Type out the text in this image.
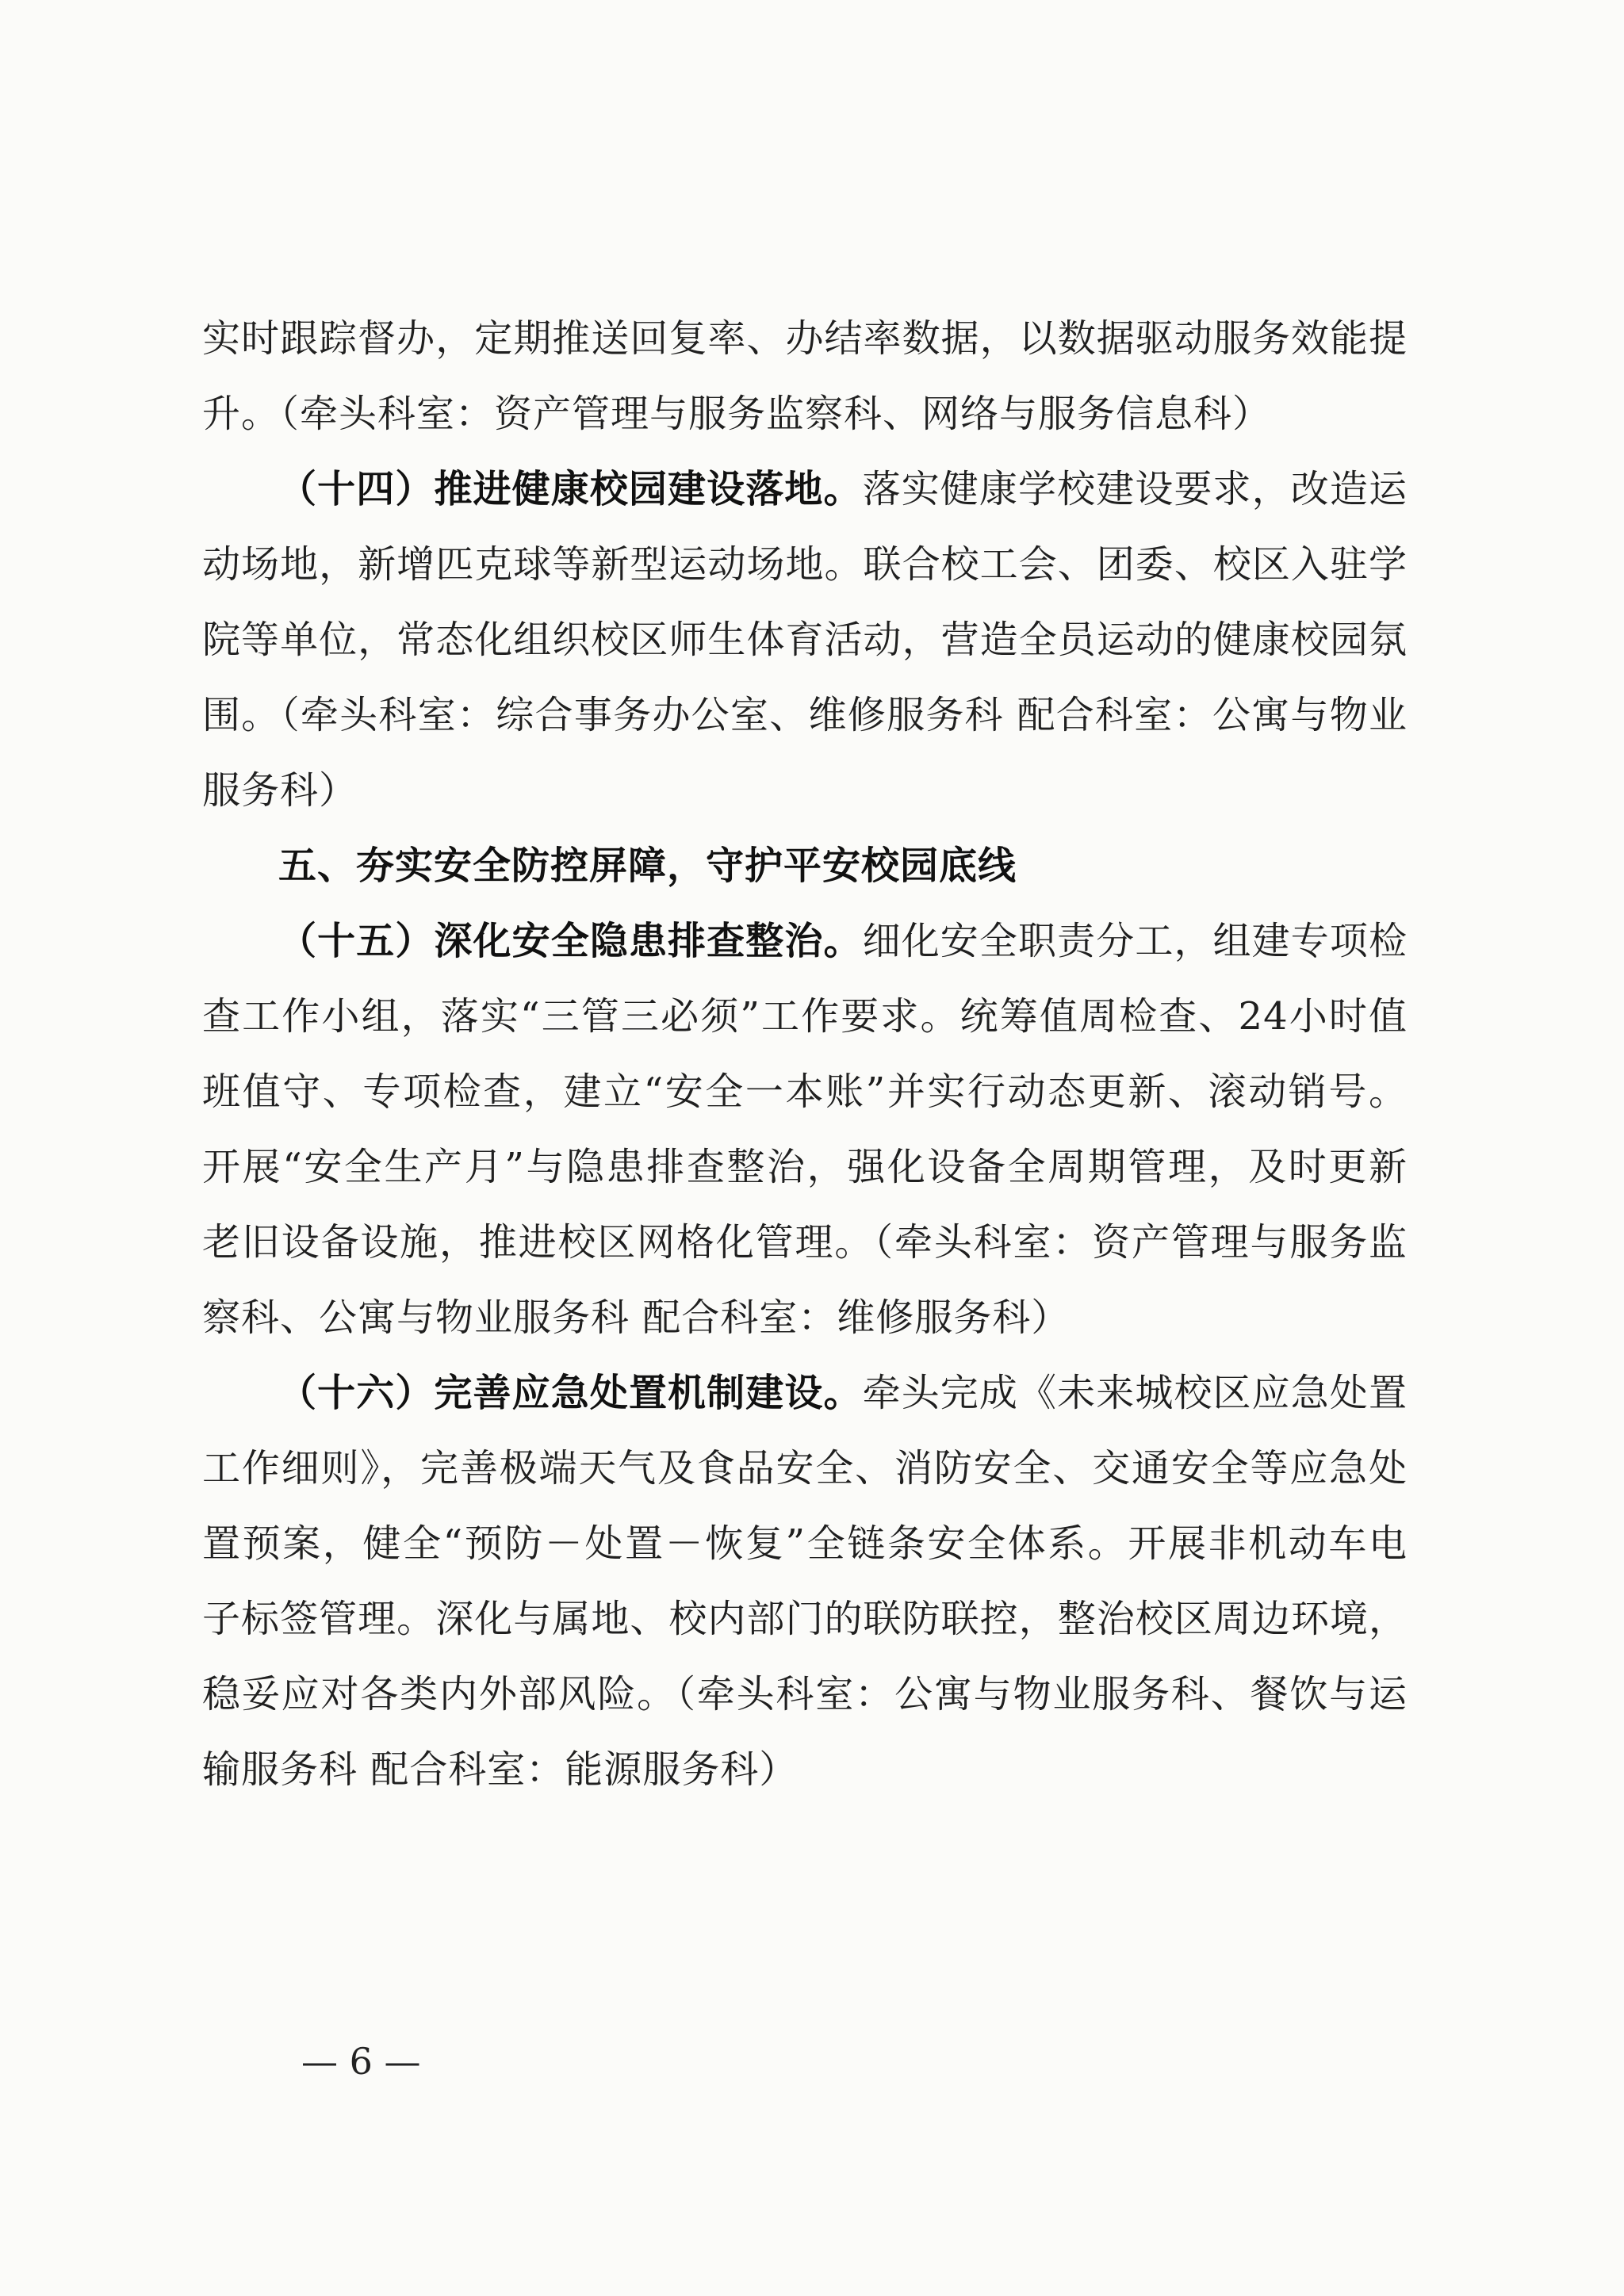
实时跟踪督办，定期推送回复率、办结率数据，以数据驱动服务效能提升。（牵头科室：资产管理与服务监察科、网络与服务信息科）

（十四）推进健康校园建设落地。落实健康学校建设要求，改造运动场地，新增匹克球等新型运动场地。联合校工会、团委、校区入驻学院等单位，常态化组织校区师生体育活动，营造全员运动的健康校园氛围。（牵头科室：综合事务办公室、维修服务科 配合科室：公寓与物业服务科）

五、夯实安全防控屏障，守护平安校园底线

（十五）深化安全隐患排查整治。细化安全职责分工，组建专项检查工作小组，落实“三管三必须”工作要求。统筹值周检查、24小时值班值守、专项检查，建立“安全一本账”并实行动态更新、滚动销号。开展“安全生产月”与隐患排查整治，强化设备全周期管理，及时更新老旧设备设施，推进校区网格化管理。（牵头科室：资产管理与服务监察科、公寓与物业服务科 配合科室：维修服务科）

（十六）完善应急处置机制建设。牵头完成《未来城校区应急处置工作细则》，完善极端天气及食品安全、消防安全、交通安全等应急处置预案，健全“预防－处置－恢复”全链条安全体系。开展非机动车电子标签管理。深化与属地、校内部门的联防联控，整治校区周边环境，稳妥应对各类内外部风险。（牵头科室：公寓与物业服务科、餐饮与运输服务科 配合科室：能源服务科）

— 6 —
